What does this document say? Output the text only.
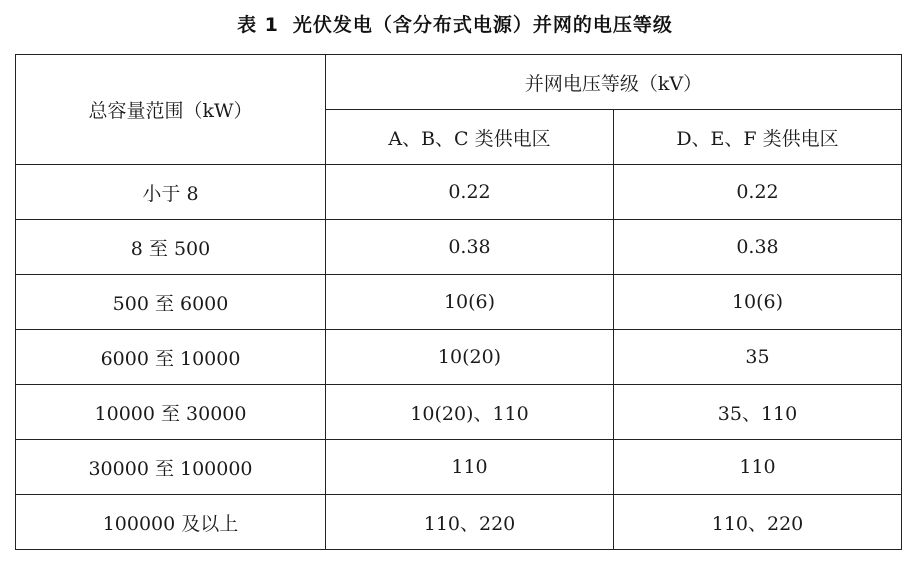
表 1 光伏发电（含分布式电源）并网的电压等级
总容量范围（kW）	并网电压等级（kV）	
	A、B、C 类供电区	D、E、F 类供电区
小于 8	0.22	0.22
8 至 500	0.38	0.38
500 至 6000	10(6)	10(6)
6000 至 10000	10(20)	35
10000 至 30000	10(20)、110	35、110
30000 至 100000	110	110
100000 及以上	110、220	110、220
